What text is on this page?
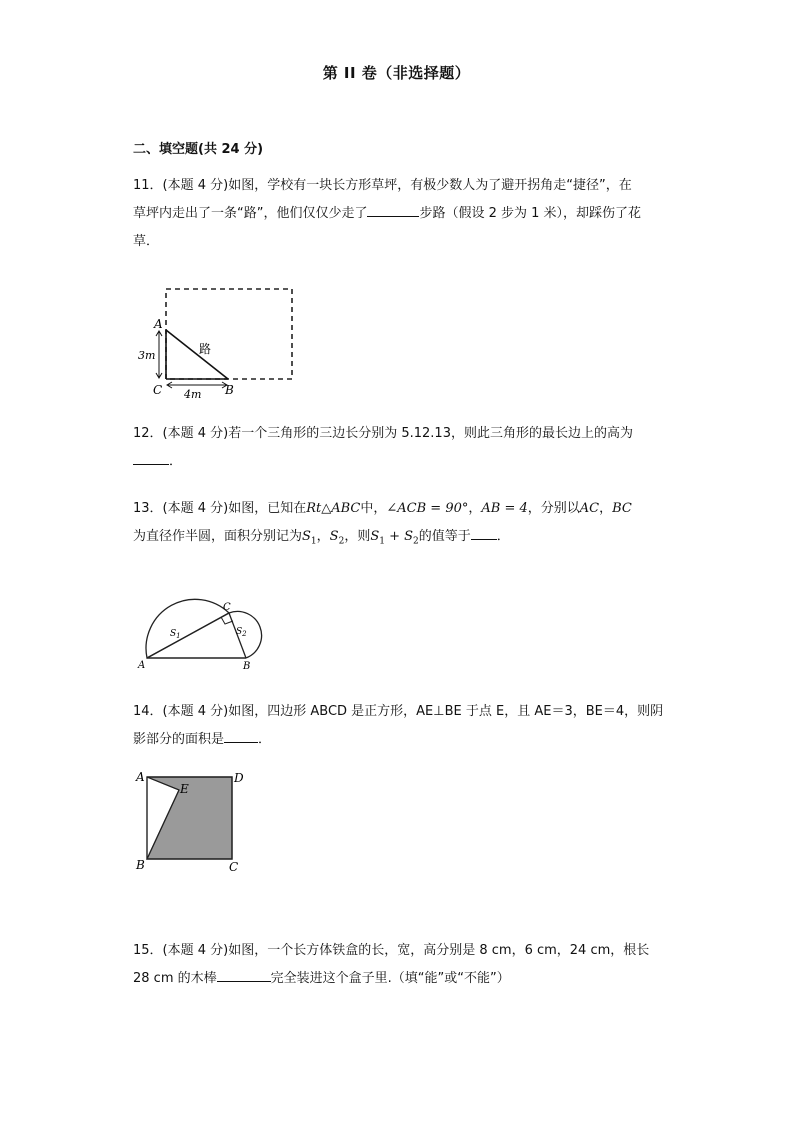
第 II 卷（非选择题）
二、填空题(共 24 分)
11．(本题 4 分)如图，学校有一块长方形草坪，有极少数人为了避开拐角走“捷径”，在
草坪内走出了一条“路”，他们仅仅少走了	步路（假设 2 步为 1 米），却踩伤了花
草．
A
C	B
路
3m
4m
12．(本题 4 分)若一个三角形的三边长分别为 5.12.13，则此三角形的最长边上的高为
．
13．(本题 4 分)如图，已知在Rt△ABC中，∠ACB = 90°，AB = 4，分别以AC，BC
为直径作半圆，面积分别记为$S_1$，$S_2$，则$S_1 + S_2$的值等于 ．
A	B
C
$S_1$	$S_2$
14．(本题 4 分)如图，四边形 ABCD 是正方形，AE⊥BE 于点 E，且 AE＝3，BE＝4，则阴
影部分的面积是	．
A	D
E
B	C
15．(本题 4 分)如图，一个长方体铁盒的长，宽，高分别是 8 cm，6 cm，24 cm，根长
28 cm 的木棒	完全装进这个盒子里.（填“能”或“不能”）
